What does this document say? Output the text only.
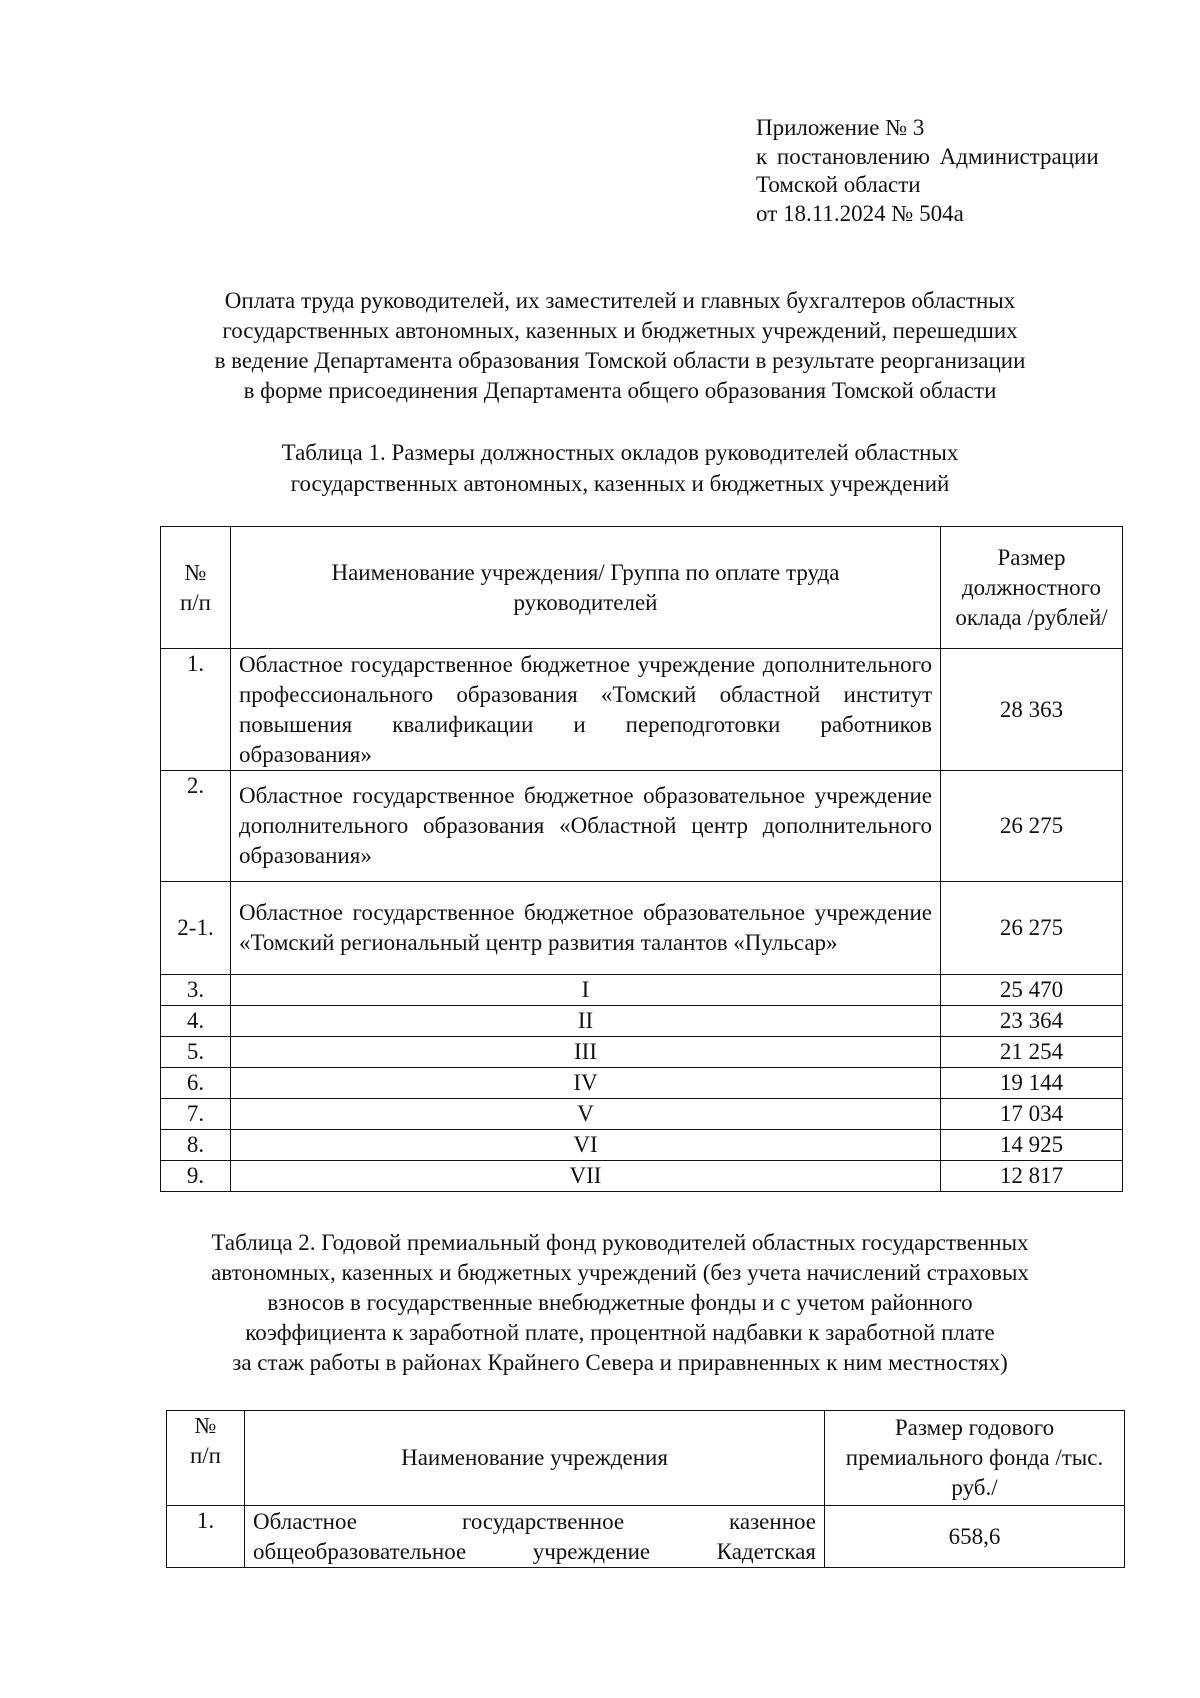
Приложение № 3
к постановлению Администрации
Томской области
от 18.11.2024 № 504а
Оплата труда руководителей, их заместителей и главных бухгалтеров областных
государственных автономных, казенных и бюджетных учреждений, перешедших
в ведение Департамента образования Томской области в результате реорганизации
в форме присоединения Департамента общего образования Томской области
Таблица 1. Размеры должностных окладов руководителей областных
государственных автономных, казенных и бюджетных учреждений
№ п/п	Наименование учреждения/ Группа по оплате труда руководителей	Размер должностного оклада /рублей/
1.	Областное государственное бюджетное учреждение дополнительного профессионального образования «Томский областной институт повышения квалификации и переподготовки работников образования»	28 363
2.	Областное государственное бюджетное образовательное учреждение дополнительного образования «Областной центр дополнительного образования»	26 275
2-1.	Областное государственное бюджетное образовательное учреждение «Томский региональный центр развития талантов «Пульсар»	26 275
3.	I	25 470
4.	II	23 364
5.	III	21 254
6.	IV	19 144
7.	V	17 034
8.	VI	14 925
9.	VII	12 817
Таблица 2. Годовой премиальный фонд руководителей областных государственных
автономных, казенных и бюджетных учреждений (без учета начислений страховых
взносов в государственные внебюджетные фонды и с учетом районного
коэффициента к заработной плате, процентной надбавки к заработной плате
за стаж работы в районах Крайнего Севера и приравненных к ним местностях)
№ п/п	Наименование учреждения	Размер годового премиального фонда /тыс. руб./
1.	Областное государственное казенное общеобразовательное учреждение Кадетская	658,6
